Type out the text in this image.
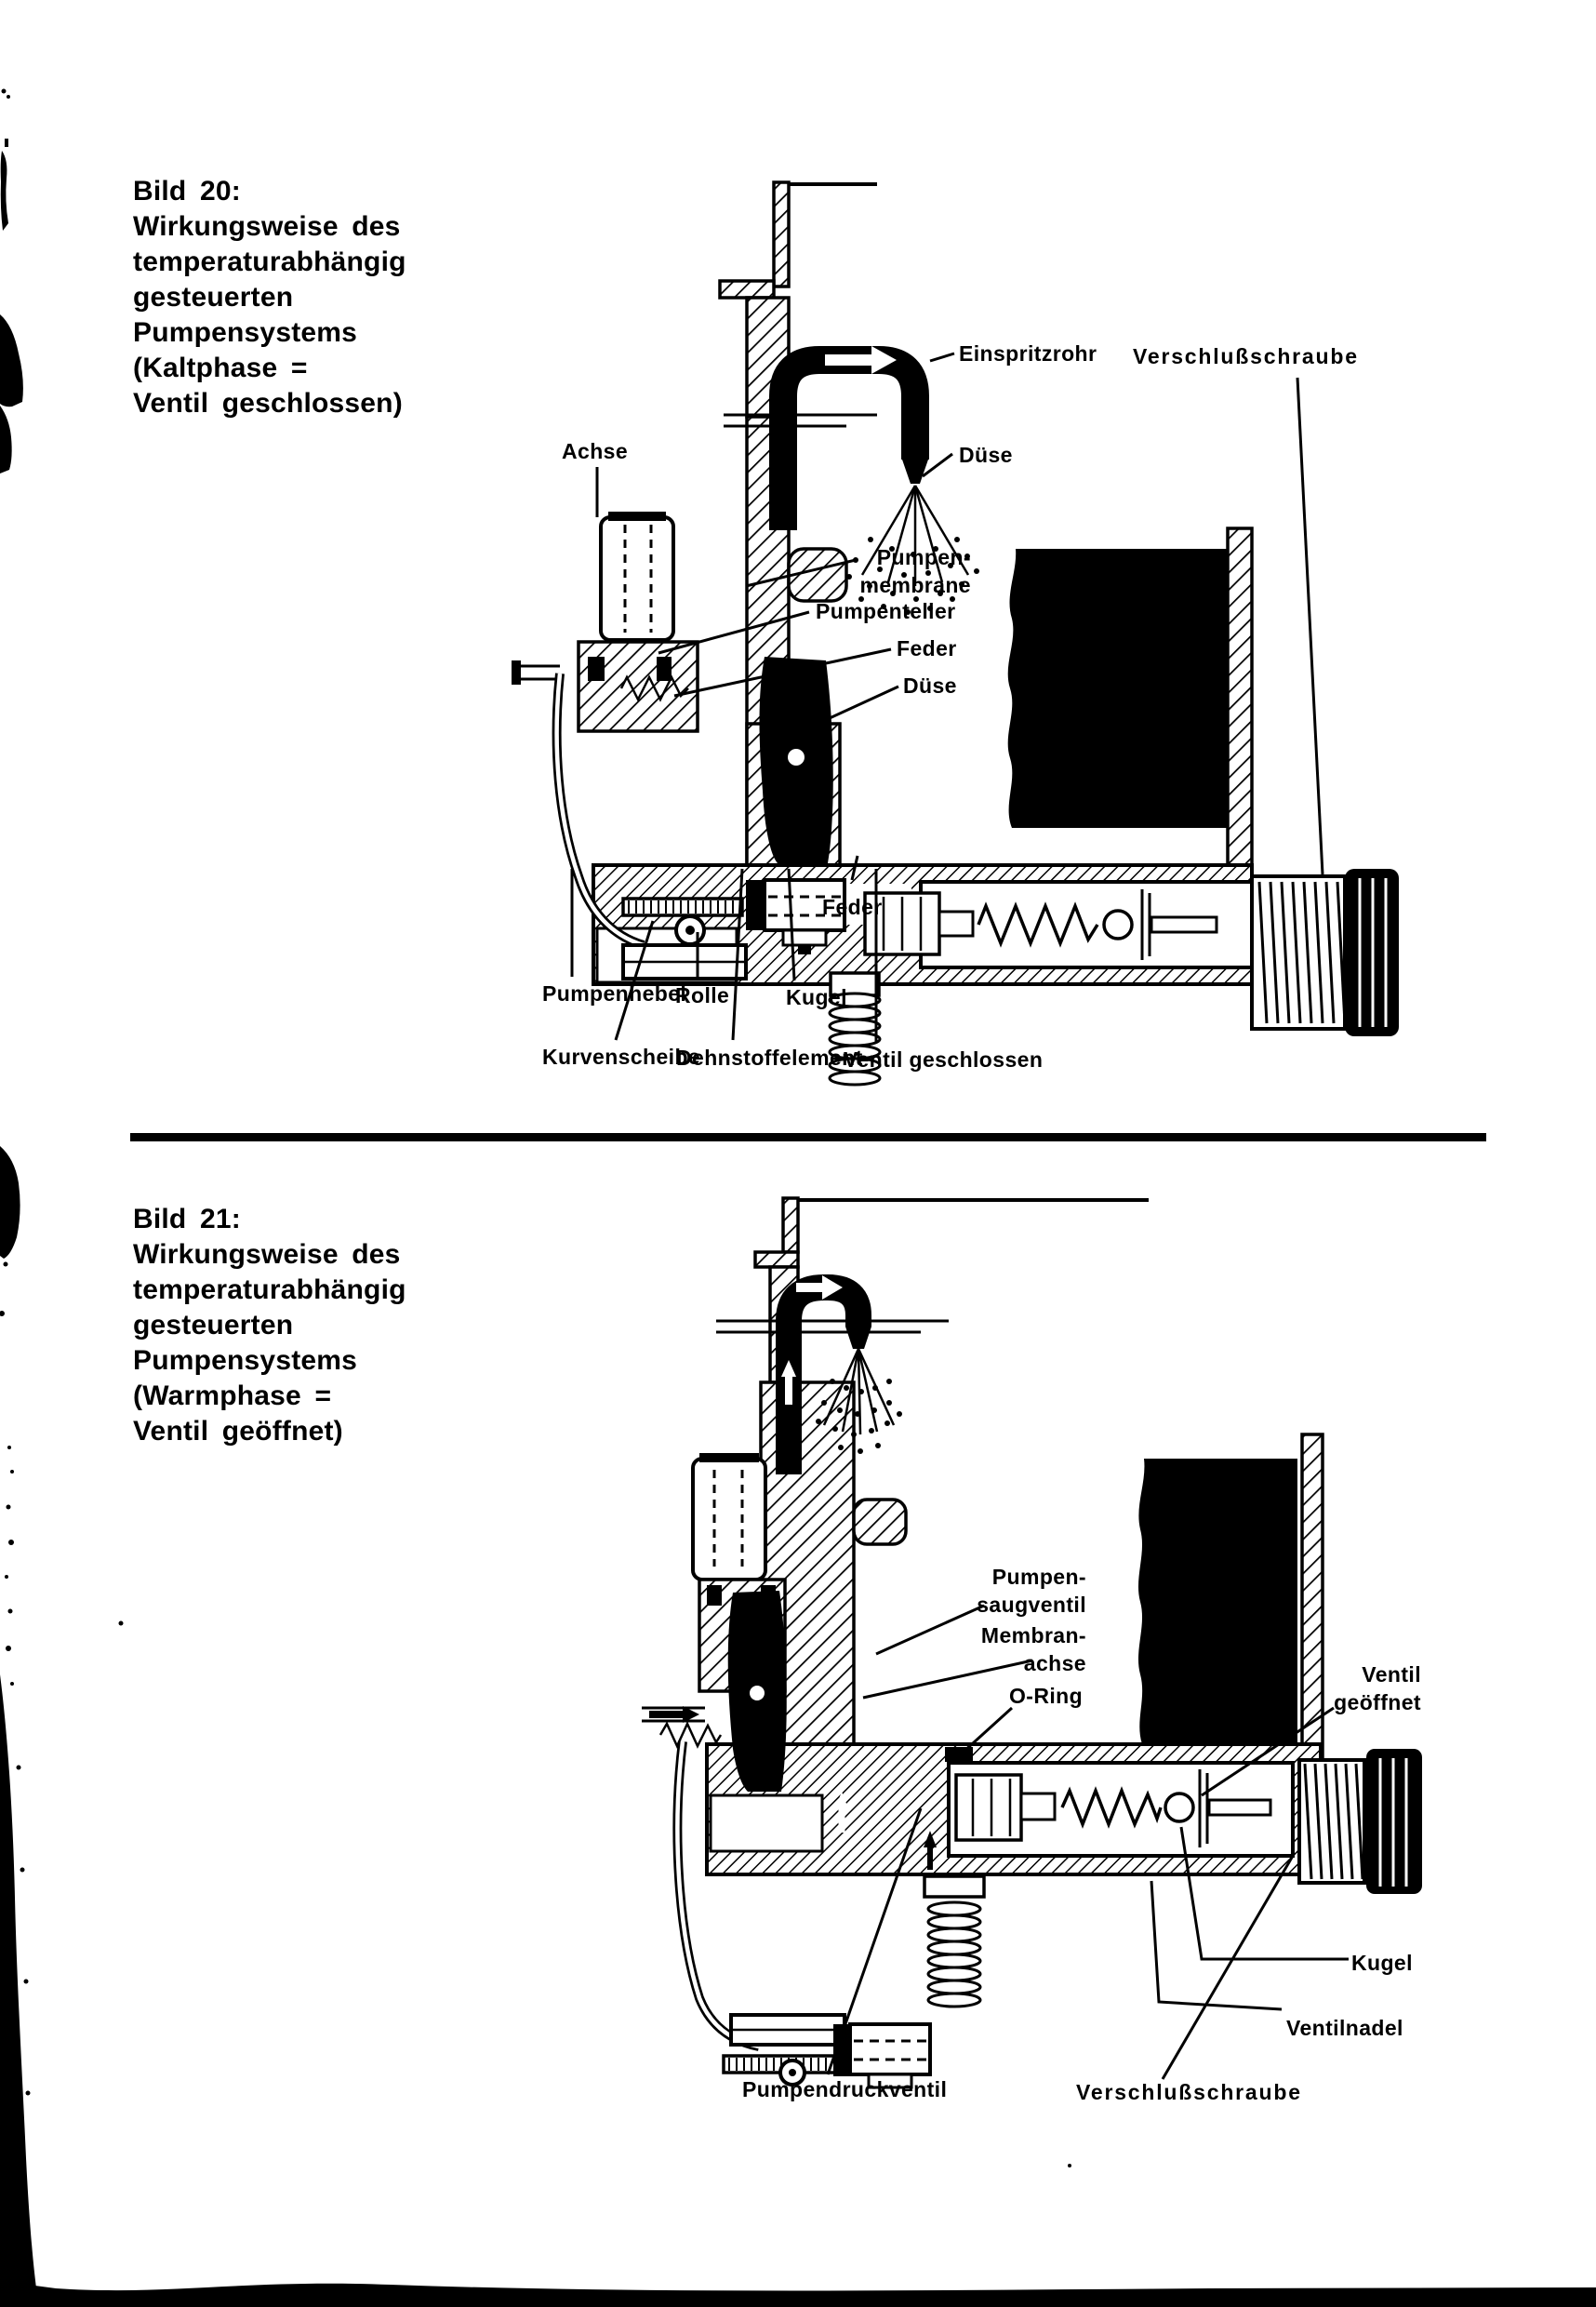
Bild 20:
Wirkungsweise des
temperaturabhängig
gesteuerten
Pumpensystems
(Kaltphase =
Ventil geschlossen)
Achse
Einspritzrohr Verschlußschraube
Düse
Pumpen-
membrane
Pumpenteller
Feder
Düse
Feder
Pumpenhebel
Rolle	Kugel
Kurvenscheibe
Dehnstoffelement
Ventil geschlossen
Bild 21:
Wirkungsweise des
temperaturabhängig
gesteuerten
Pumpensystems
(Warmphase =
Ventil geöffnet)
Pumpen-
saugventil
Membran-
achse
O-Ring
Ventil
geöffnet
Kugel
Ventilnadel
Pumpendruckventil	Verschlußschraube
